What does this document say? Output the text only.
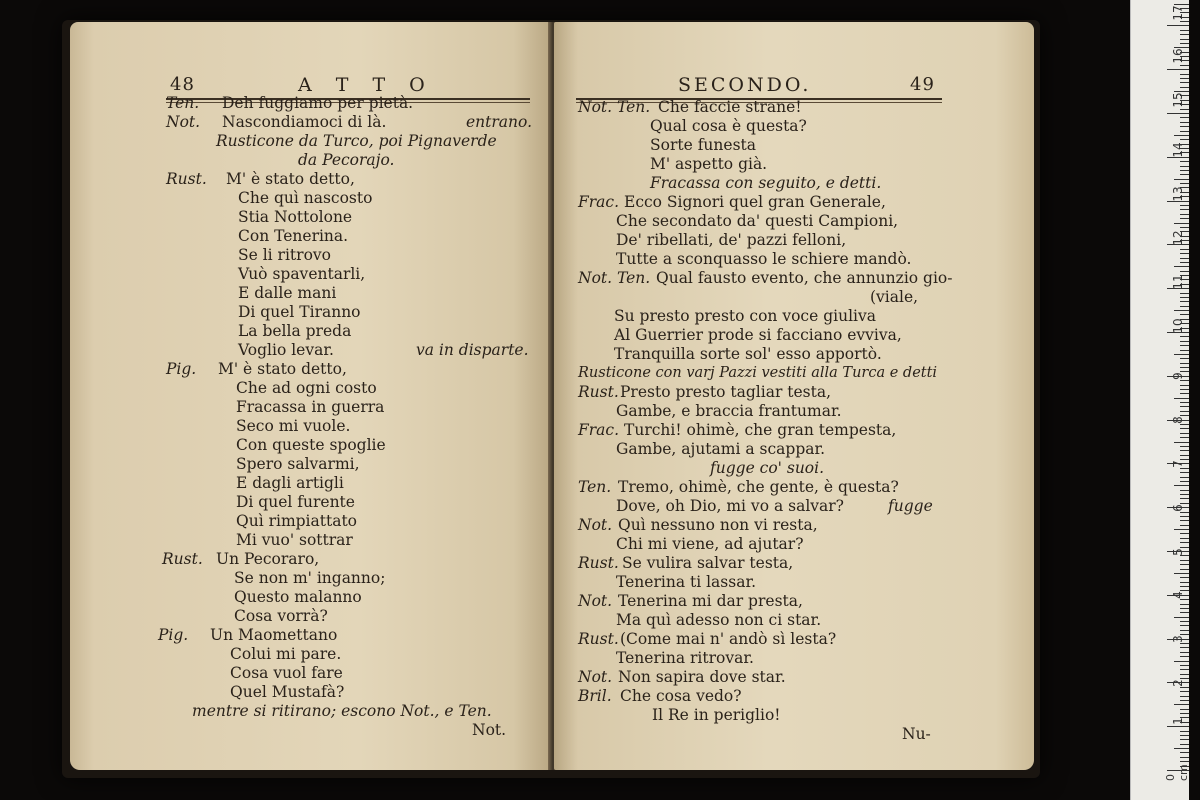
48	A T T O
Ten. Deh fuggiamo per pietà.
Not. Nascondiamoci di là.	entrano.
Rusticone da Turco, poi Pignaverde
da Pecorajo.
Rust. M' è stato detto,
Che quì nascosto
Stia Nottolone
Con Tenerina.
Se li ritrovo
Vuò spaventarli,
E dalle mani
Di quel Tiranno
La bella preda
Voglio levar.	va in disparte.
Pig. M' è stato detto,
Che ad ogni costo
Fracassa in guerra
Seco mi vuole.
Con queste spoglie
Spero salvarmi,
E dagli artigli
Di quel furente
Quì rimpiattato
Mi vuo' sottrar
Rust. Un Pecoraro,
Se non m' inganno;
Questo malanno
Cosa vorrà?
Pig. Un Maomettano
Colui mi pare.
Cosa vuol fare
Quel Mustafà?
mentre si ritirano; escono Not., e Ten.
Not.
SECONDO.	49
Not. Ten. Che faccie strane!
Qual cosa è questa?
Sorte funesta
M' aspetto già.
Fracassa con seguito, e detti.
Frac. Ecco Signori quel gran Generale,
Che secondato da' questi Campioni,
De' ribellati, de' pazzi felloni,
Tutte a sconquasso le schiere mandò.
Not. Ten. Qual fausto evento, che annunzio gio-
(viale,
Su presto presto con voce giuliva
Al Guerrier prode si facciano evviva,
Tranquilla sorte sol' esso apportò.
Rusticone con varj Pazzi vestiti alla Turca e detti
Rust. Presto presto tagliar testa,
Gambe, e braccia frantumar.
Frac. Turchi! ohimè, che gran tempesta,
Gambe, ajutami a scappar.
fugge co' suoi.
Ten. Tremo, ohimè, che gente, è questa?
Dove, oh Dio, mi vo a salvar?	fugge
Not. Quì nessuno non vi resta,
Chi mi viene, ad ajutar?
Rust. Se vulira salvar testa,
Tenerina ti lassar.
Not. Tenerina mi dar presta,
Ma quì adesso non ci star.
Rust. (Come mai n' andò sì lesta?
Tenerina ritrovar.
Not. Non sapira dove star.
Bril. Che cosa vedo?
Il Re in periglio!
Nu-
0 cm
1
2
3
4
5
6
7
8
9
10
11
12
13
14
15
16
17
